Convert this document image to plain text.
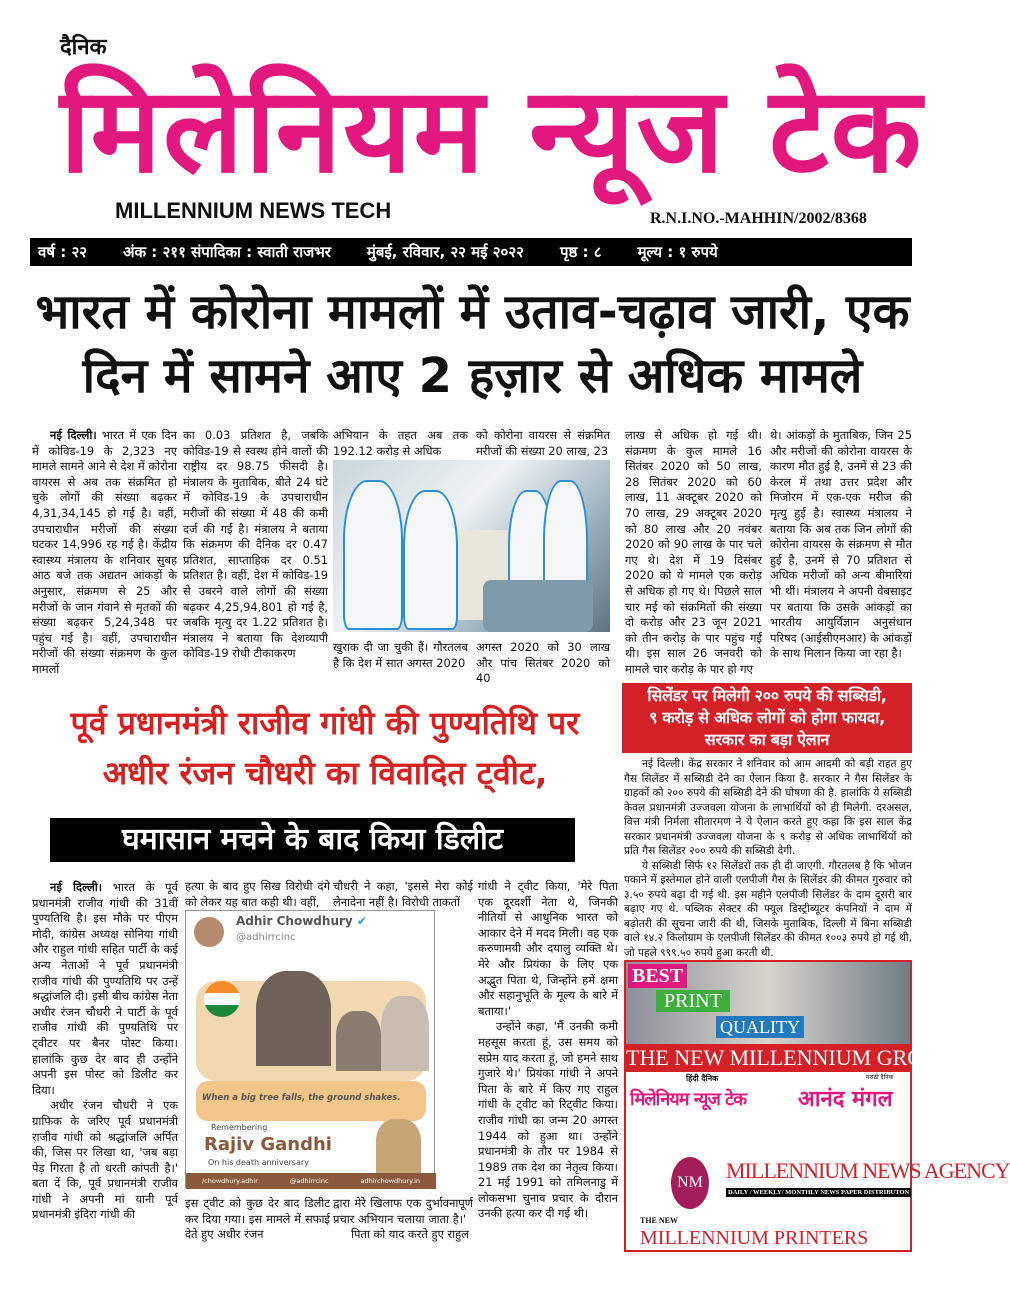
दैनिक
मिलेनियम न्यूज टेक
MILLENNIUM NEWS TECH	R.N.I.NO.-MAHHIN/2002/8368
वर्ष : २२ अंक : २११ संपादिका : स्वाती राजभर मुंबई, रविवार, २२ मई २०२२ पृष्ठ : ८ मूल्य : १ रुपये
भारत में कोरोना मामलों में उताव-चढ़ाव जारी, एक
दिन में सामने आए 2 हज़ार से अधिक मामले
नई दिल्ली। भारत में एक दिन में कोविड-19 के 2,323 नए मामले सामने आने से देश में कोरोना वायरस से अब तक संक्रमित हो चुके लोगों की संख्या बढ़कर 4,31,34,145 हो गई है। वहीं, उपचाराधीन मरीजों की संख्या घटकर 14,996 रह गई है। केंद्रीय स्वास्थ्य मंत्रालय के शनिवार सुबह आठ बजे तक अद्यतन आंकड़ों के अनुसार, संक्रमण से 25 और मरीजों के जान गंवाने से मृतकों की संख्या बढ़कर 5,24,348 पर पहुंच गई है। वहीं, उपचाराधीन मरीजों की संख्या संक्रमण के कुल मामलों
का 0.03 प्रतिशत है, जबकि कोविड-19 से स्वस्थ होने वालों की राष्ट्रीय दर 98.75 फीसदी है। मंत्रालय के मुताबिक, बीते 24 घंटे में कोविड-19 के उपचाराधीन मरीजों की संख्या में 48 की कमी दर्ज की गई है। मंत्रालय ने बताया कि संक्रमण की दैनिक दर 0.47 प्रतिशत, साप्ताहिक दर 0.51 प्रतिशत है। वहीं, देश में कोविड-19 से उबरने वाले लोगों की संख्या बढ़कर 4,25,94,801 हो गई है, जबकि मृत्यु दर 1.22 प्रतिशत है। मंत्रालय ने बताया कि देशव्यापी कोविड-19 रोधी टीकाकरण
अभियान के तहत अब तक 192.12 करोड़ से अधिक
को कोरोना वायरस से संक्रमित मरीजों की संख्या 20 लाख, 23
खुराक दी जा चुकी हैं। गौरतलब है कि देश में सात अगस्त 2020
अगस्त 2020 को 30 लाख और पांच सितंबर 2020 को 40
लाख से अधिक हो गई थी। संक्रमण के कुल मामले 16 सितंबर 2020 को 50 लाख, 28 सितंबर 2020 को 60 लाख, 11 अक्टूबर 2020 को 70 लाख, 29 अक्टूबर 2020 को 80 लाख और 20 नवंबर 2020 को 90 लाख के पार चले गए थे। देश में 19 दिसंबर 2020 को ये मामले एक करोड़ से अधिक हो गए थे। पिछले साल चार मई को संक्रमितों की संख्या दो करोड़ और 23 जून 2021 को तीन करोड़ के पार पहुंच गई थी। इस साल 26 जनवरी को मामले चार करोड़ के पार हो गए
थे। आंकड़ों के मुताबिक, जिन 25 और मरीजों की कोरोना वायरस के कारण मौत हुई है, उनमें से 23 की केरल में तथा उत्तर प्रदेश और मिजोरम में एक-एक मरीज की मृत्यु हुई है। स्वास्थ्य मंत्रालय ने बताया कि अब तक जिन लोगों की कोरोना वायरस के संक्रमण से मौत हुई है, उनमें से 70 प्रतिशत से अधिक मरीजों को अन्य बीमारियां भी थीं। मंत्रालय ने अपनी वेबसाइट पर बताया कि उसके आंकड़ों का भारतीय आयुर्विज्ञान अनुसंधान परिषद (आईसीएमआर) के आंकड़ों के साथ मिलान किया जा रहा है।
पूर्व प्रधानमंत्री राजीव गांधी की पुण्यतिथि पर
अधीर रंजन चौधरी का विवादित ट्वीट,
घमासान मचने के बाद किया डिलीट

नई दिल्ली। भारत के पूर्व प्रधानमंत्री राजीव गांधी की 31वीं पुण्यतिथि है। इस मौके पर पीएम मोदी, कांग्रेस अध्यक्ष सोनिया गांधी और राहुल गांधी सहित पार्टी के कई अन्य नेताओं ने पूर्व प्रधानमंत्री राजीव गांधी की पुण्यतिथि पर उन्हें श्रद्धांजलि दी। इसी बीच कांग्रेस नेता अधीर रंजन चौधरी ने पार्टी के पूर्व राजीव गांधी की पुण्यतिथि पर ट्वीटर पर बैनर पोस्ट किया। हालांकि कुछ देर बाद ही उन्होंने अपनी इस पोस्ट को डिलीट कर दिया।

अधीर रंजन चौधरी ने एक ग्राफिक के जरिए पूर्व प्रधानमंत्री राजीव गांधी को श्रद्धांजलि अर्पित की, जिस पर लिखा था, 'जब बड़ा पेड़ गिरता है तो धरती कांपती है।' बता दें कि, पूर्व प्रधानमंत्री राजीव गांधी ने अपनी मां यानी पूर्व प्रधानमंत्री इंदिरा गांधी की

हत्या के बाद हुए सिख विरोधी दंगे को लेकर यह बात कही थी। वहीं,
चौधरी ने कहा, 'इससे मेरा कोई लेनादेना नहीं है। विरोधी ताकतों
Adhir Chowdhury ✔
@adhirrcinc
When a big tree falls, the ground shakes.
Remembering
Rajiv Gandhi
On his death anniversary
/chowdhury.adhir	@adhirrcinc	adhirchowdhury.in
इस ट्वीट को कुछ देर बाद डिलीट कर दिया गया। इस मामले में सफाई देते हुए अधीर रंजन
द्वारा मेरे खिलाफ एक दुर्भावनापूर्ण प्रचार अभियान चलाया जाता है।'
पिता को याद करते हुए राहुल

गांधी ने ट्वीट किया, 'मेरे पिता एक दूरदर्शी नेता थे, जिनकी नीतियों से आधुनिक भारत को आकार देने में मदद मिली। वह एक करुणामयी और दयालु व्यक्ति थे। मेरे और प्रियंका के लिए एक अद्भुत पिता थे, जिन्होंने हमें क्षमा और सहानुभूति के मूल्य के बारे में बताया।'

उन्होंने कहा, 'मैं उनकी कमी महसूस करता हूं, उस समय को सप्रेम याद करता हूं, जो हमने साथ गुजारे थे।' प्रियंका गांधी ने अपने पिता के बारे में किए गए राहुल गांधी के ट्वीट को रिट्वीट किया। राजीव गांधी का जन्म 20 अगस्त 1944 को हुआ था। उन्होंने प्रधानमंत्री के तौर पर 1984 से 1989 तक देश का नेतृत्व किया। 21 मई 1991 को तमिलनाडु में लोकसभा चुनाव प्रचार के दौरान उनकी हत्या कर दी गई थी।

सिलेंडर पर मिलेगी २०० रुपये की सब्सिडी,
९ करोड़ से अधिक लोगों को होगा फायदा,
सरकार का बड़ा ऐलान

नई दिल्ली। केंद्र सरकार ने शनिवार को आम आदमी को बड़ी राहत हुए गैस सिलेंडर में सब्सिडी देने का ऐलान किया है. सरकार ने गैस सिलेंडर के ग्राहकों को २०० रुपये की सब्सिडी देने की घोषणा की है. हालांकि ये सब्सिडी केवल प्रधानमंत्री उज्जवला योजना के लाभार्थियों को ही मिलेगी. दरअसल, वित्त मंत्री निर्मला सीतारमण ने ये ऐलान करते हुए कहा कि इस साल केंद्र सरकार प्रधानमंत्री उज्जवला योजना के ९ करोड़ से अधिक लाभार्थियों को प्रति गैस सिलेंडर २०० रुपये की सब्सिडी देगी.

ये सब्सिडी सिर्फ १२ सिलेंडरों तक ही दी जाएगी. गौरतलब है कि भोजन पकाने में इस्तेमाल होने वाली एलपीजी गैस के सिलेंडर की कीमत गुरुवार को ३.५० रुपये बढ़ा दी गई थी. इस महीने एलपीजी सिलेंडर के दाम दूसरी बार बढ़ाए गए थे. पब्लिक सेक्टर की फ्यूल डिस्ट्रीब्यूटर कंपनियों ने दाम में बढ़ोतरी की सूचना जारी की थी, जिसके मुताबिक, दिल्ली में बिना सब्सिडी वाले १४.२ किलोग्राम के एलपीजी सिलेंडर की कीमत १००३ रुपये हो गई थी, जो पहले ९९९.५० रुपये हुआ करती थी.

BEST
PRINT
QUALITY
THE NEW MILLENNIUM GROUP
हिंदी दैनिक
मिलेनियम न्यूज टेक
मराठी दैनिक
आनंद मंगल
NM MILLENNIUM NEWS AGENCY
DAILY / WEEKLY/ MONTHLY NEWS PAPER DISTRIBUTON
THE NEW
MILLENNIUM PRINTERS
